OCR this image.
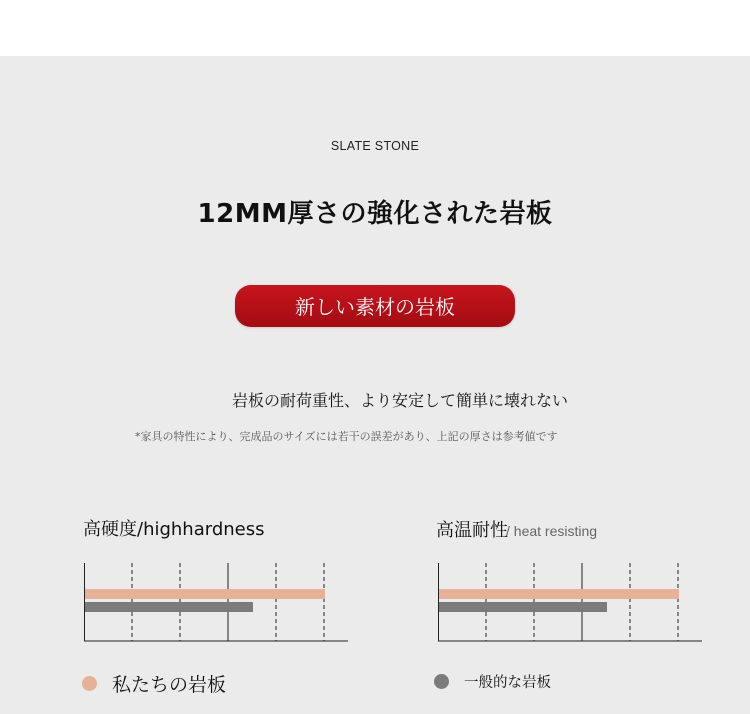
SLATE STONE
12MM厚さの強化された岩板
新しい素材の岩板
岩板の耐荷重性、より安定して簡単に壊れない
*家具の特性により、完成品のサイズには若干の誤差があり、上記の厚さは参考値です
高硬度/highhardness	高温耐性/ heat resisting
私たちの岩板	一般的な岩板
